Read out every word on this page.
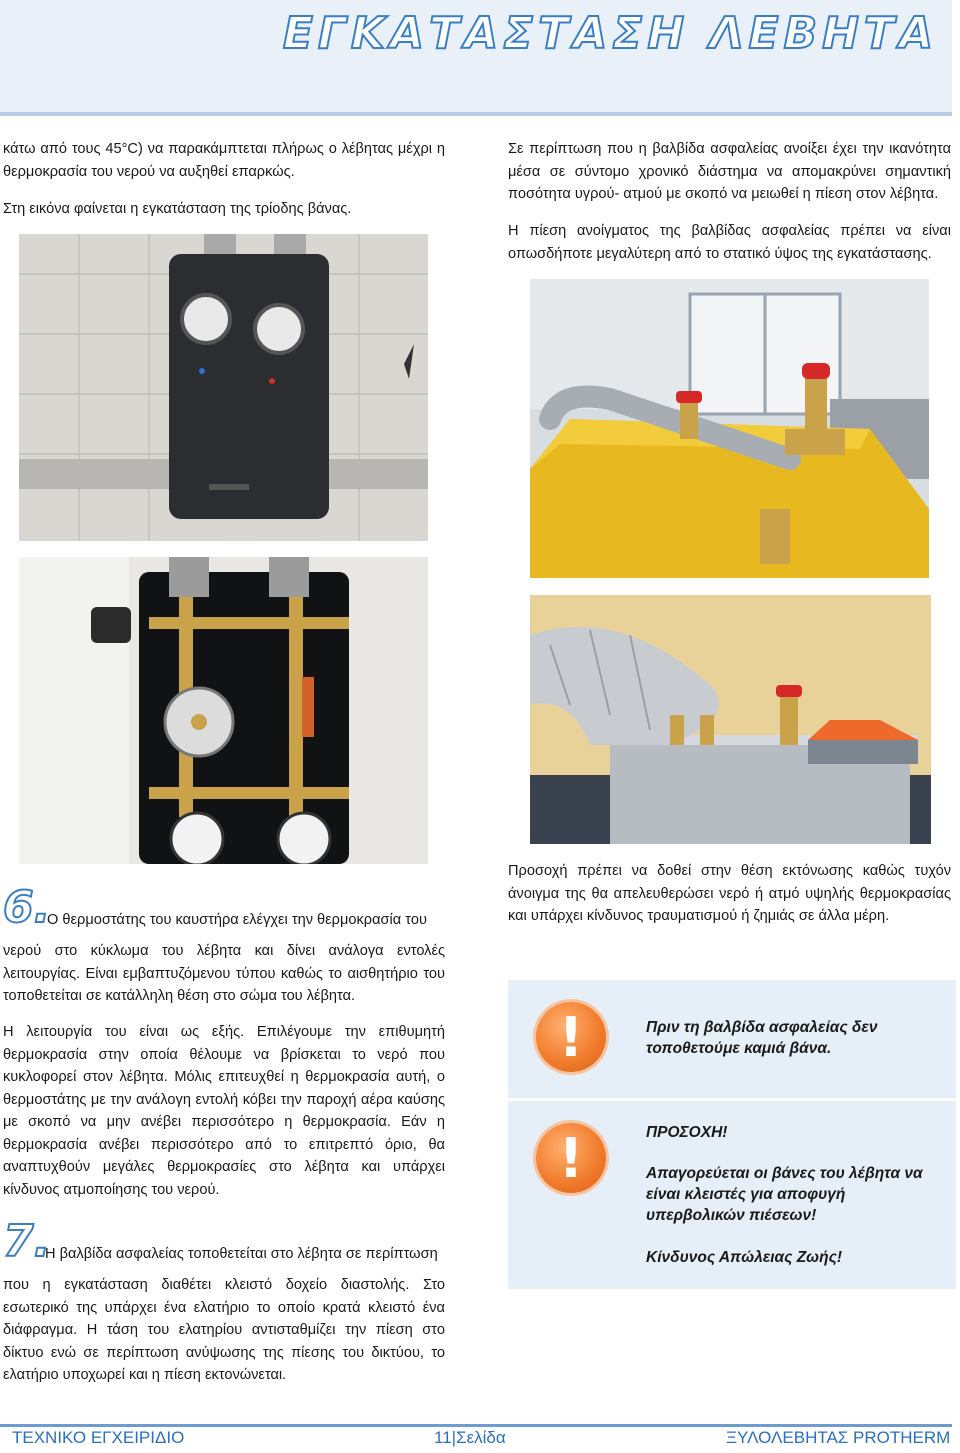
ΕΓΚΑΤΑΣΤΑΣΗ ΛΕΒΗΤΑ

κάτω από τους 45°C) να παρακάμπτεται πλήρως ο λέβητας μέχρι η θερμοκρασία του νερού να αυξηθεί επαρκώς.

Στη εικόνα φαίνεται η εγκατάσταση της τρίοδης βάνας.

6.

Ο θερμοστάτης του καυστήρα ελέγχει την θερμοκρασία του

νερού στο κύκλωμα του λέβητα και δίνει ανάλογα εντολές λειτουργίας. Είναι εμβαπτυζόμενου τύπου καθώς το αισθητήριο του τοποθετείται σε κατάλληλη θέση στο σώμα του λέβητα.

Η λειτουργία του είναι ως εξής. Επιλέγουμε την επιθυμητή θερμοκρασία στην οποία θέλουμε να βρίσκεται το νερό που κυκλοφορεί στον λέβητα. Μόλις επιτευχθεί η θερμοκρασία αυτή, ο θερμοστάτης με την ανάλογη εντολή κόβει την παροχή αέρα καύσης με σκοπό να μην ανέβει περισσότερο η θερμοκρασία. Εάν η θερμοκρασία ανέβει περισσότερο από το επιτρεπτό όριο, θα αναπτυχθούν μεγάλες θερμοκρασίες στο λέβητα και υπάρχει κίνδυνος ατμοποίησης του νερού.

7.

Η βαλβίδα ασφαλείας τοποθετείται στο λέβητα σε περίπτωση

που η εγκατάσταση διαθέτει κλειστό δοχείο διαστολής. Στο εσωτερικό της υπάρχει ένα ελατήριο το οποίο κρατά κλειστό ένα διάφραγμα. Η τάση του ελατηρίου αντισταθμίζει την πίεση στο δίκτυο ενώ σε περίπτωση ανύψωσης της πίεσης του δικτύου, το ελατήριο υποχωρεί και η πίεση εκτονώνεται.

Σε περίπτωση που η βαλβίδα ασφαλείας ανοίξει έχει την ικανότητα μέσα σε σύντομο χρονικό διάστημα να απομακρύνει σημαντική ποσότητα υγρού- ατμού με σκοπό να μειωθεί η πίεση στον λέβητα.

Η πίεση ανοίγματος της βαλβίδας ασφαλείας πρέπει να είναι οπωσδήποτε μεγαλύτερη από το στατικό ύψος της εγκατάστασης.

Προσοχή πρέπει να δοθεί στην θέση εκτόνωσης καθώς τυχόν άνοιγμα της θα απελευθερώσει νερό ή ατμό υψηλής θερμοκρασίας και υπάρχει κίνδυνος τραυματισμού ή ζημιάς σε άλλα μέρη.

!	Πριν τη βαλβίδα ασφαλείας δεν τοποθετούμε καμιά βάνα.

!	ΠΡΟΣΟΧΗ!

Απαγορεύεται οι βάνες του λέβητα να είναι κλειστές για αποφυγή υπερβολικών πιέσεων!

Κίνδυνος Απώλειας Ζωής!

ΤΕΧΝΙΚΟ ΕΓΧΕΙΡΙΔΙΟ	11|Σελίδα	ΞΥΛΟΛΕΒΗΤΑΣ PROTHERM
